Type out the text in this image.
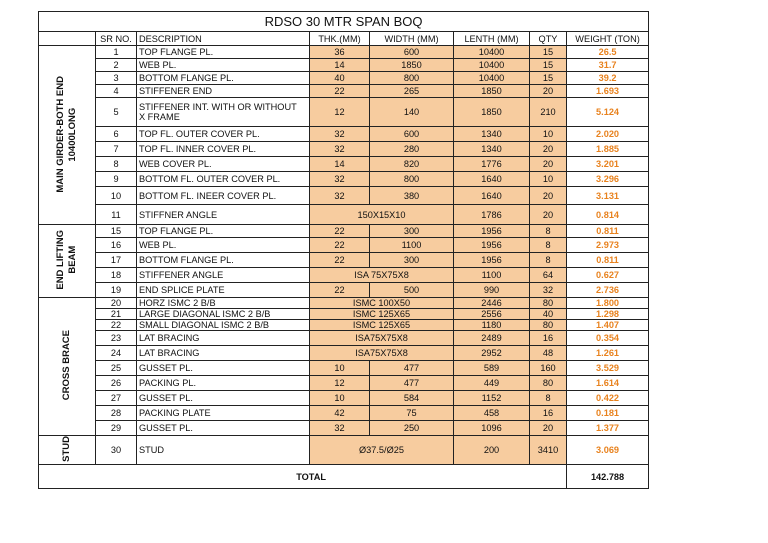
RDSO 30 MTR SPAN BOQ							
	SR NO.	DESCRIPTION	THK.(MM)	WIDTH (MM)	LENTH (MM)	QTY	WEIGHT (TON)
MAIN GIRDER-BOTH END
10400LONG	1	TOP FLANGE PL.	36	600	10400	15	26.5
	2	WEB PL.	14	1850	10400	15	31.7
	3	BOTTOM FLANGE PL.	40	800	10400	15	39.2
	4	STIFFENER END	22	265	1850	20	1.693
	5	STIFFENER INT. WITH OR WITHOUT
X FRAME	12	140	1850	210	5.124
	6	TOP FL. OUTER COVER PL.	32	600	1340	10	2.020
	7	TOP FL. INNER COVER PL.	32	280	1340	20	1.885
	8	WEB COVER PL.	14	820	1776	20	3.201
	9	BOTTOM FL. OUTER COVER PL.	32	800	1640	10	3.296
	10	BOTTOM FL. INEER COVER PL.	32	380	1640	20	3.131
	11	STIFFNER ANGLE	150X15X10		1786	20	0.814
END LIFTING
BEAM	15	TOP FLANGE PL.	22	300	1956	8	0.811
	16	WEB PL.	22	1100	1956	8	2.973
	17	BOTTOM FLANGE PL.	22	300	1956	8	0.811
	18	STIFFENER ANGLE	ISA 75X75X8		1100	64	0.627
	19	END SPLICE PLATE	22	500	990	32	2.736
CROSS BRACE	20	HORZ ISMC 2 B/B	ISMC 100X50		2446	80	1.800
	21	LARGE DIAGONAL ISMC 2 B/B	ISMC 125X65		2556	40	1.298
	22	SMALL DIAGONAL ISMC 2 B/B	ISMC 125X65		1180	80	1.407
	23	LAT BRACING	ISA75X75X8		2489	16	0.354
	24	LAT BRACING	ISA75X75X8		2952	48	1.261
	25	GUSSET PL.	10	477	589	160	3.529
	26	PACKING PL.	12	477	449	80	1.614
	27	GUSSET PL.	10	584	1152	8	0.422
	28	PACKING PLATE	42	75	458	16	0.181
	29	GUSSET PL.	32	250	1096	20	1.377
STUD	30	STUD	Ø37.5/Ø25		200	3410	3.069
TOTAL							142.788
